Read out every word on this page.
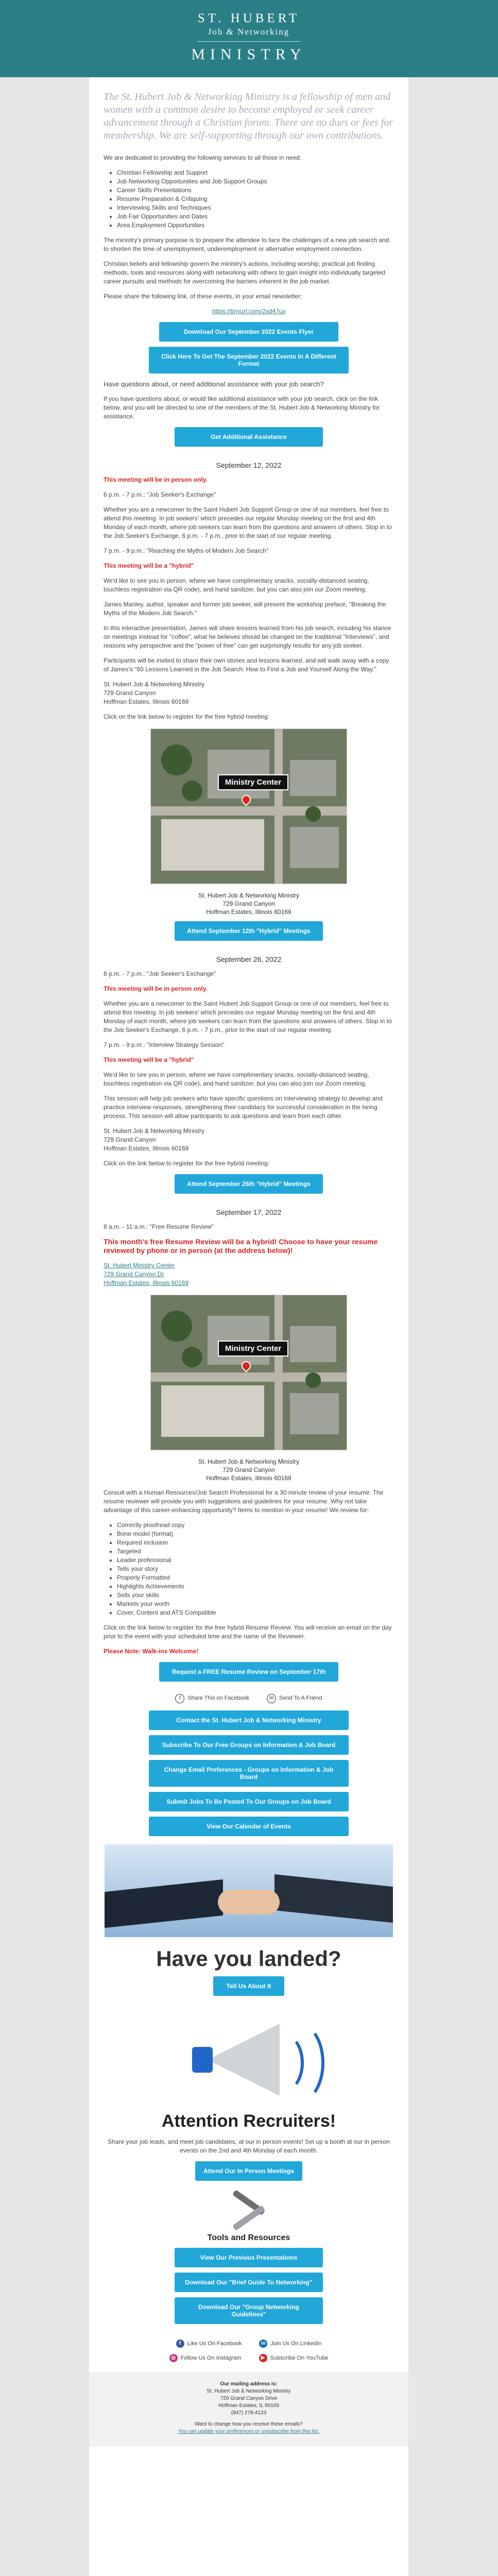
ST. HUBERT
Job & Networking
MINISTRY
The St. Hubert Job & Networking Ministry is a fellowship of men and women with a common desire to become employed or seek career advancement through a Christian forum. There are no dues or fees for membership. We are self-supporting through our own contributions.

We are dedicated to providing the following services to all those in need:

• Christian Fellowship and Support
• Job Networking Opportunities and Job Support Groups
• Career Skills Presentations
• Resume Preparation & Critiquing
• Interviewing Skills and Techniques
• Job Fair Opportunities and Dates
• Area Employment Opportunities

The ministry's primary purpose is to prepare the attendee to face the challenges of a new job search and to shorten the time of unemployment, underemployment or alternative employment connection.

Christian beliefs and fellowship govern the ministry's actions, including worship, practical job finding methods, tools and resources along with networking with others to gain insight into individually targeted career pursuits and methods for overcoming the barriers inherent in the job market.

Please share the following link, of these events, in your email newsletter:

https://tinyurl.com/2xd47ux

Download Our September 2022 Events Flyer
Click Here To Get The September 2022 Events In A Different Format

Have questions about, or need additional assistance with your job search?

If you have questions about, or would like additional assistance with your job search, click on the link below, and you will be directed to one of the members of the St. Hubert Job & Networking Ministry for assistance.

Get Additional Assistance
September 12, 2022

This meeting will be in person only.

6 p.m. - 7 p.m.: "Job Seeker's Exchange"

Whether you are a newcomer to the Saint Hubert Job Support Group or one of our members, feel free to attend this meeting. In job seekers' which precedes our regular Monday meeting on the first and 4th Monday of each month, where job seekers can learn from the questions and answers of others. Stop in to the Job Seeker's Exchange, 6 p.m. - 7 p.m., prior to the start of our regular meeting.

7 p.m. - 9 p.m.: "Reaching the Myths of Modern Job Search"

This meeting will be a "hybrid"

We'd like to see you in person, where we have complimentary snacks, socially-distanced seating, touchless registration via QR code), and hand sanitizer, but you can also join our Zoom meeting.

James Manley, author, speaker and former job seeker, will present the workshop preface, "Breaking the Myths of the Modern Job Search."

In this interactive presentation, James will share lessons learned from his job search, including his stance on meetings instead for "coffee", what he believes should be changed on the traditional "Interviews", and reasons why perspective and the "power of free" can get surprisingly results for any job seeker.

Participants will be invited to share their own stories and lessons learned, and will walk away with a copy of James's "60 Lessons Learned in the Job Search: How to Find a Job and Yourself Along the Way."

St. Hubert Job & Networking Ministry
729 Grand Canyon
Hoffman Estates, Illinois 60169

Click on the link below to register for the free hybrid meeting:

Ministry Center
St. Hubert Job & Networking Ministry
729 Grand Canyon
Hoffman Estates, Illinois 60169
Attend September 12th "Hybrid" Meetings
September 26, 2022

6 p.m. - 7 p.m.: "Job Seeker's Exchange"

This meeting will be in person only.

Whether you are a newcomer to the Saint Hubert Job Support Group or one of our members, feel free to attend this meeting. In job seekers' which precedes our regular Monday meeting on the first and 4th Monday of each month, where job seekers can learn from the questions and answers of others. Stop in to the Job Seeker's Exchange, 6 p.m. - 7 p.m., prior to the start of our regular meeting.

7 p.m. - 9 p.m.: "Interview Strategy Session"

This meeting will be a "hybrid"

We'd like to see you in person, where we have complimentary snacks, socially-distanced seating, touchless registration via QR code), and hand sanitizer, but you can also join our Zoom meeting.

This session will help job seekers who have specific questions on interviewing strategy to develop and practice interview responses, strengthening their candidacy for successful consideration in the hiring process. This session will allow participants to ask questions and learn from each other.

St. Hubert Job & Networking Ministry
729 Grand Canyon
Hoffman Estates, Illinois 60169

Click on the link below to register for the free hybrid meeting:

Attend September 26th "Hybrid" Meetings
September 17, 2022

8 a.m. - 11 a.m.: "Free Resume Review"

This month's free Resume Review will be a hybrid! Choose to have your resume reviewed by phone or in person (at the address below)!

St. Hubert Ministry Center
729 Grand Canyon Dr
Hoffman Estates, Illinois 60169

Ministry Center
St. Hubert Job & Networking Ministry
729 Grand Canyon
Hoffman Estates, Illinois 60169

Consult with a Human Resources/Job Search Professional for a 30 minute review of your resume. The resume reviewer will provide you with suggestions and guidelines for your resume. Why not take advantage of this career-enhancing opportunity? Items to mention in your resume! We review for:

• Correctly proofread copy
• Bone model (format)
• Required inclusion
• Targeted
• Leader professional
• Tells your story
• Properly Formatted
• Highlights Achievements
• Sells your skills
• Markets your worth
• Cover, Content and ATS Compatible

Click on the link below to register for the free hybrid Resume Review. You will receive an email on the day prior to the event with your scheduled time and the name of the Reviewer.

Please Note: Walk-ins Welcome!

Request a FREE Resume Review on September 17th
f Share This on Facebook	✉ Send To A Friend
Contact the St. Hubert Job & Networking Ministry
Subscribe To Our Free Groups on Information & Job Board
Change Email Preferences - Groups on Information & Job Board
Submit Jobs To Be Posted To Our Groups on Job Board
View Our Calendar of Events
Have you landed?
Tell Us About It
Attention Recruiters!

Share your job leads, and meet job candidates, at our in person events! Set up a booth at our in person events on the 2nd and 4th Monday of each month.

Attend Our In Person Meetings
Tools and Resources
View Our Previous Presentations
Download Our "Brief Guide To Networking"
Download Our "Group Networking Guidelines"
f	Like Us On Facebook	in Join Us On LinkedIn
◎ Follow Us On Instagram	▶ Subscribe On YouTube
Our mailing address is:
St. Hubert Job & Networking Ministry
729 Grand Canyon Drive
Hoffman Estates, IL 60169
(847) 278-4123
Want to change how you receive these emails?
You can update your preferences or unsubscribe from this list.
